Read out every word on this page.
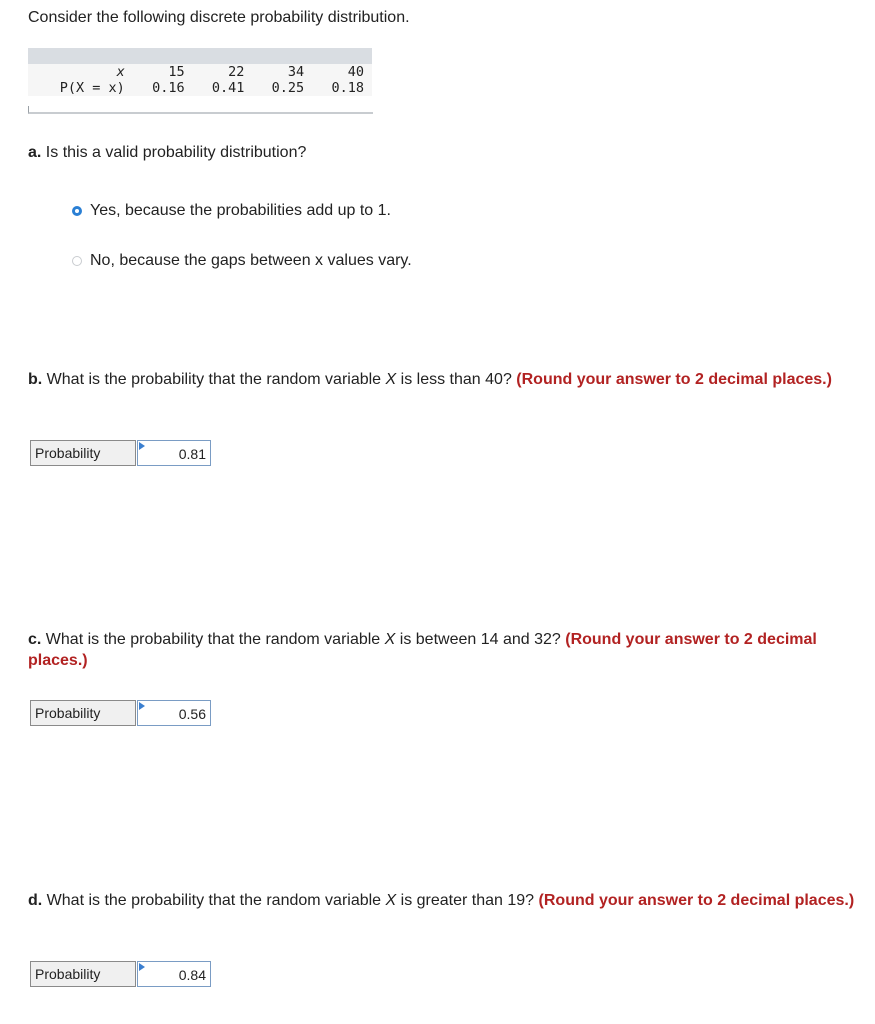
Consider the following discrete probability distribution.
x	15	22	34	40
P(X = x)	0.16	0.41	0.25	0.18
a. Is this a valid probability distribution?
Yes, because the probabilities add up to 1.
No, because the gaps between x values vary.
b. What is the probability that the random variable X is less than 40? (Round your answer to 2 decimal places.)
Probability	0.81
c. What is the probability that the random variable X is between 14 and 32? (Round your answer to 2 decimal places.)
Probability	0.56
d. What is the probability that the random variable X is greater than 19? (Round your answer to 2 decimal places.)
Probability	0.84
